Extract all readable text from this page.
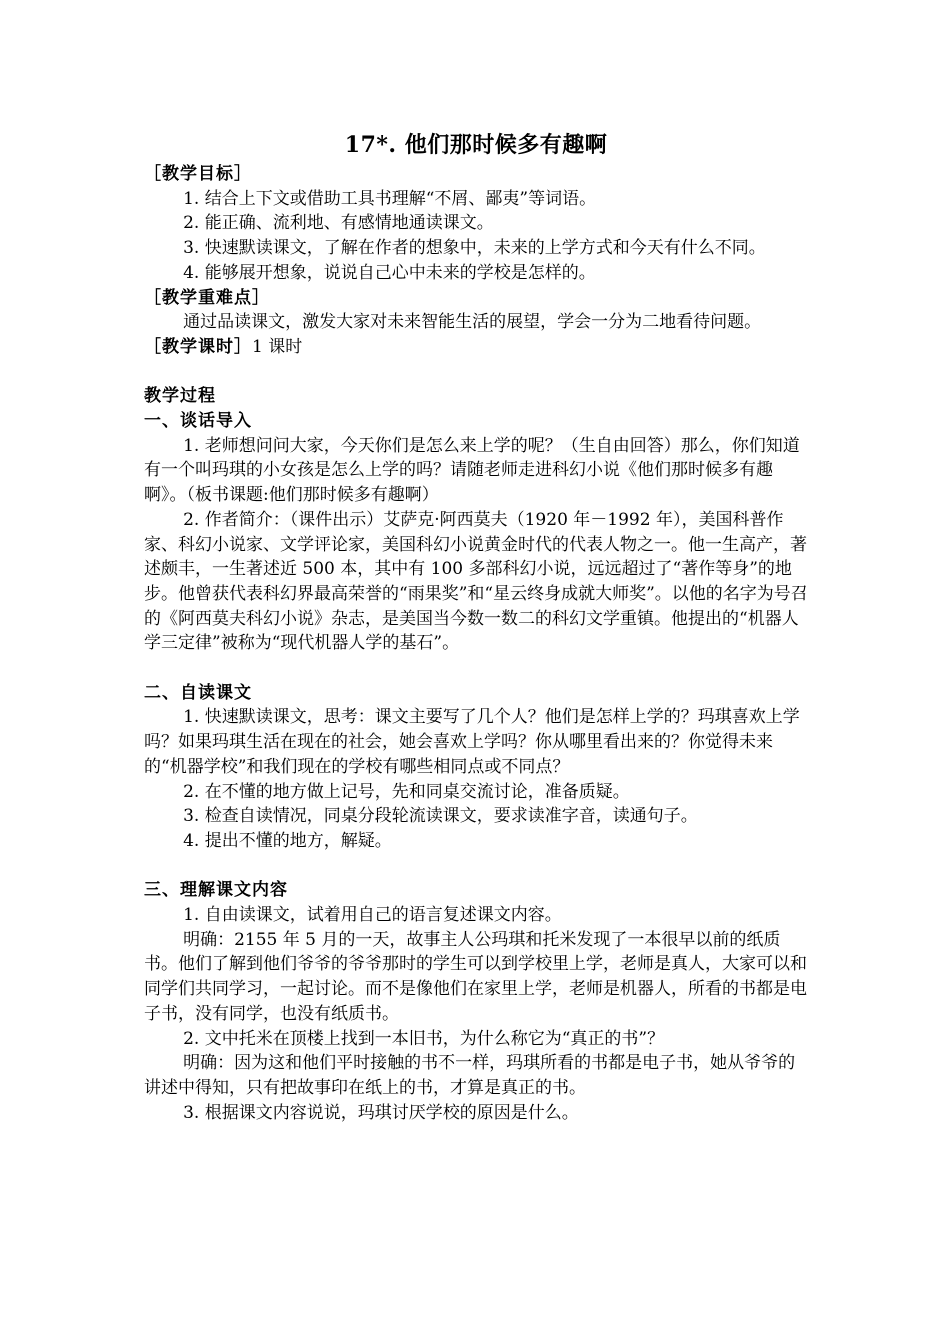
17*. 他们那时候多有趣啊

［教学目标］

1. 结合上下文或借助工具书理解“不屑、鄙夷”等词语。

2. 能正确、流利地、有感情地通读课文。

3. 快速默读课文，了解在作者的想象中，未来的上学方式和今天有什么不同。

4. 能够展开想象，说说自己心中未来的学校是怎样的。

［教学重难点］

通过品读课文，激发大家对未来智能生活的展望，学会一分为二地看待问题。

［教学课时］1 课时

教学过程

一、谈话导入

1. 老师想问问大家，今天你们是怎么来上学的呢？（生自由回答）那么，你们知道有一个叫玛琪的小女孩是怎么上学的吗？请随老师走进科幻小说《他们那时候多有趣啊》。（板书课题:他们那时候多有趣啊）

2. 作者简介：（课件出示）艾萨克·阿西莫夫（1920 年－1992 年），美国科普作家、科幻小说家、文学评论家，美国科幻小说黄金时代的代表人物之一。他一生高产，著述颇丰，一生著述近 500 本，其中有 100 多部科幻小说，远远超过了“著作等身”的地步。他曾获代表科幻界最高荣誉的“雨果奖”和“星云终身成就大师奖”。以他的名字为号召的《阿西莫夫科幻小说》杂志，是美国当今数一数二的科幻文学重镇。他提出的“机器人学三定律”被称为“现代机器人学的基石”。

二、自读课文

1. 快速默读课文，思考：课文主要写了几个人？他们是怎样上学的？玛琪喜欢上学吗？如果玛琪生活在现在的社会，她会喜欢上学吗？你从哪里看出来的？你觉得未来的“机器学校”和我们现在的学校有哪些相同点或不同点？

2. 在不懂的地方做上记号，先和同桌交流讨论，准备质疑。

3. 检查自读情况，同桌分段轮流读课文，要求读准字音，读通句子。

4. 提出不懂的地方，解疑。

三、理解课文内容

1. 自由读课文，试着用自己的语言复述课文内容。

明确：2155 年 5 月的一天，故事主人公玛琪和托米发现了一本很早以前的纸质书。他们了解到他们爷爷的爷爷那时的学生可以到学校里上学，老师是真人，大家可以和同学们共同学习，一起讨论。而不是像他们在家里上学，老师是机器人，所看的书都是电子书，没有同学，也没有纸质书。

2. 文中托米在顶楼上找到一本旧书，为什么称它为“真正的书”？

明确：因为这和他们平时接触的书不一样，玛琪所看的书都是电子书，她从爷爷的讲述中得知，只有把故事印在纸上的书，才算是真正的书。

3. 根据课文内容说说，玛琪讨厌学校的原因是什么。
